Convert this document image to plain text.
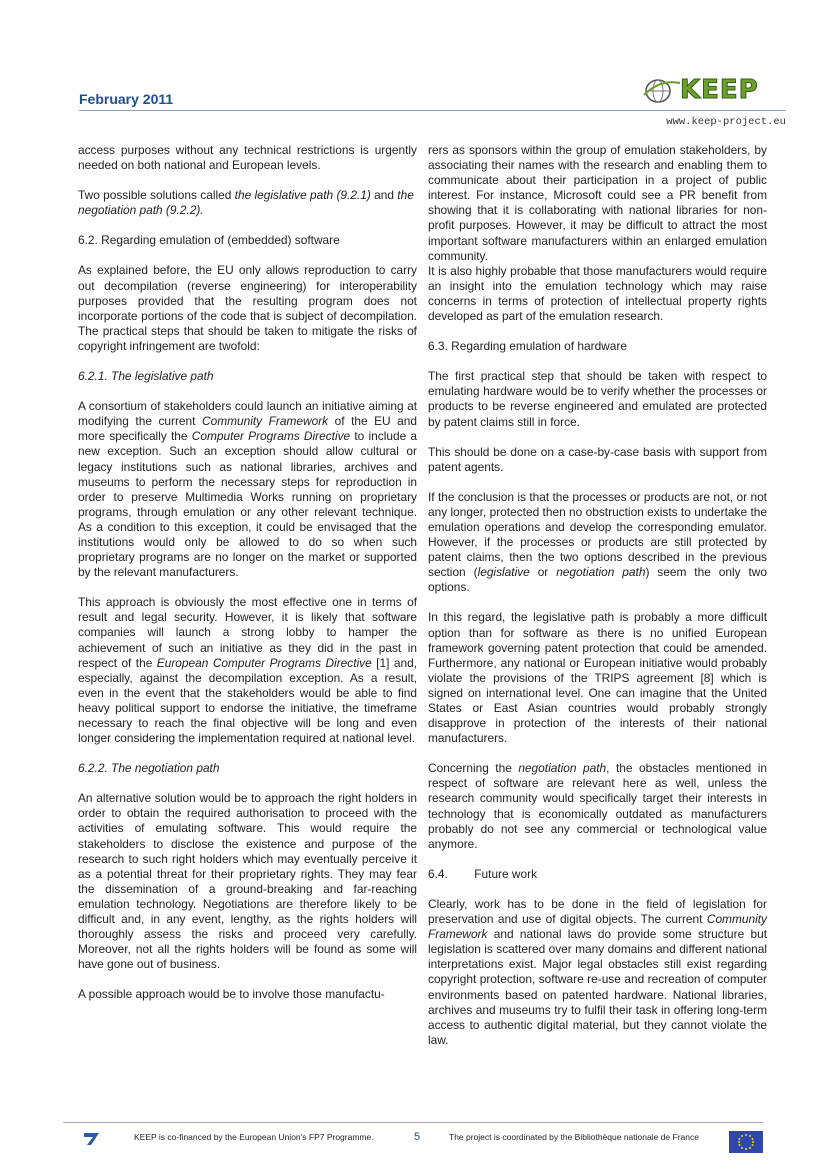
February 2011	KEEP
www.keep-project.eu

access purposes without any technical restrictions is urgently needed on both national and European levels.

Two possible solutions called the legislative path (9.2.1) and the negotiation path (9.2.2).

6.2. Regarding emulation of (embedded) software

As explained before, the EU only allows reproduction to carry out decompilation (reverse engineering) for interoperability purposes provided that the resulting program does not incorporate portions of the code that is subject of decompilation. The practical steps that should be taken to mitigate the risks of copyright infringement are twofold:

6.2.1. The legislative path

A consortium of stakeholders could launch an initiative aiming at modifying the current Community Framework of the EU and more specifically the Computer Programs Directive to include a new exception. Such an exception should allow cultural or legacy institutions such as national libraries, archives and museums to perform the necessary steps for reproduction in order to preserve Multimedia Works running on proprietary programs, through emulation or any other relevant technique. As a condition to this exception, it could be envisaged that the institutions would only be allowed to do so when such proprietary programs are no longer on the market or supported by the relevant manufacturers.

This approach is obviously the most effective one in terms of result and legal security. However, it is likely that software companies will launch a strong lobby to hamper the achievement of such an initiative as they did in the past in respect of the European Computer Programs Directive [1] and, especially, against the decompilation exception. As a result, even in the event that the stakeholders would be able to find heavy political support to endorse the initiative, the timeframe necessary to reach the final objective will be long and even longer considering the implementation required at national level.

6.2.2. The negotiation path

An alternative solution would be to approach the right holders in order to obtain the required authorisation to proceed with the activities of emulating software. This would require the stakeholders to disclose the existence and purpose of the research to such right holders which may eventually perceive it as a potential threat for their proprietary rights. They may fear the dissemination of a ground-breaking and far-reaching emulation technology. Negotiations are therefore likely to be difficult and, in any event, lengthy, as the rights holders will thoroughly assess the risks and proceed very carefully. Moreover, not all the rights holders will be found as some will have gone out of business.

A possible approach would be to involve those manufactu-

rers as sponsors within the group of emulation stakeholders, by associating their names with the research and enabling them to communicate about their participation in a project of public interest. For instance, Microsoft could see a PR benefit from showing that it is collaborating with national libraries for non-profit purposes. However, it may be difficult to attract the most important software manufacturers within an enlarged emulation community.

It is also highly probable that those manufacturers would require an insight into the emulation technology which may raise concerns in terms of protection of intellectual property rights developed as part of the emulation research.

6.3. Regarding emulation of hardware

The first practical step that should be taken with respect to emulating hardware would be to verify whether the processes or products to be reverse engineered and emulated are protected by patent claims still in force.

This should be done on a case-by-case basis with support from patent agents.

If the conclusion is that the processes or products are not, or not any longer, protected then no obstruction exists to undertake the emulation operations and develop the corresponding emulator. However, if the processes or products are still protected by patent claims, then the two options described in the previous section (legislative or negotiation path) seem the only two options.

In this regard, the legislative path is probably a more difficult option than for software as there is no unified European framework governing patent protection that could be amended. Furthermore, any national or European initiative would probably violate the provisions of the TRIPS agreement [8] which is signed on international level. One can imagine that the United States or East Asian countries would probably strongly disapprove in protection of the interests of their national manufacturers.

Concerning the negotiation path, the obstacles mentioned in respect of software are relevant here as well, unless the research community would specifically target their interests in technology that is economically outdated as manufacturers probably do not see any commercial or technological value anymore.

6.4.        Future work

Clearly, work has to be done in the field of legislation for preservation and use of digital objects. The current Community Framework and national laws do provide some structure but legislation is scattered over many domains and different national interpretations exist. Major legal obstacles still exist regarding copyright protection, software re-use and recreation of computer environments based on patented hardware. National libraries, archives and museums try to fulfil their task in offering long-term access to authentic digital material, but they cannot violate the law.

KEEP is co-financed by the European Union's FP7 Programme.	5	The project is coordinated by the Bibliothèque nationale de France
